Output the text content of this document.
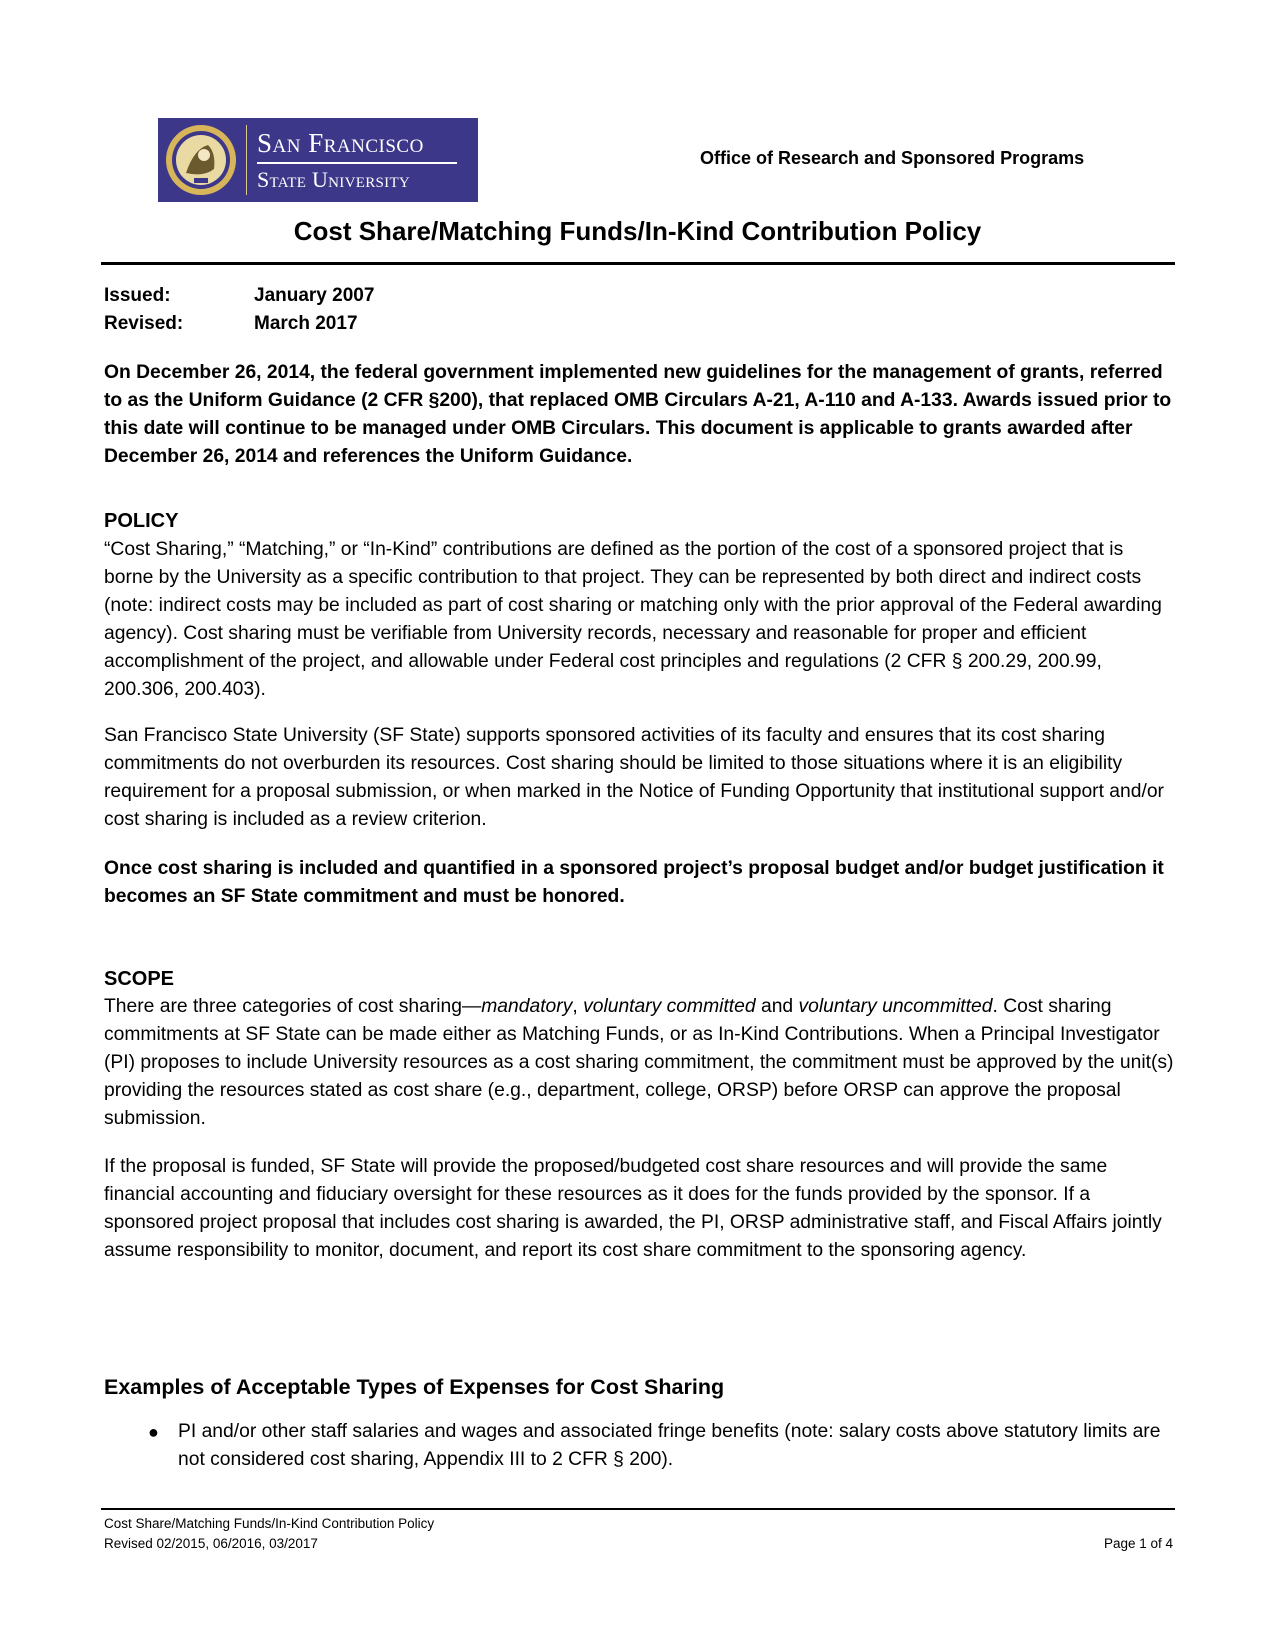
San Francisco
State University
Office of Research and Sponsored Programs
Cost Share/Matching Funds/In-Kind Contribution Policy
Issued:	January 2007
Revised:	March 2017
On December 26, 2014, the federal government implemented new guidelines for the management of grants, referred to as the Uniform Guidance (2 CFR §200), that replaced OMB Circulars A-21, A-110 and A-133. Awards issued prior to this date will continue to be managed under OMB Circulars. This document is applicable to grants awarded after December 26, 2014 and references the Uniform Guidance.
POLICY
“Cost Sharing,” “Matching,” or “In-Kind” contributions are defined as the portion of the cost of a sponsored project that is borne by the University as a specific contribution to that project. They can be represented by both direct and indirect costs (note: indirect costs may be included as part of cost sharing or matching only with the prior approval of the Federal awarding agency). Cost sharing must be verifiable from University records, necessary and reasonable for proper and efficient accomplishment of the project, and allowable under Federal cost principles and regulations (2 CFR § 200.29, 200.99, 200.306, 200.403).
San Francisco State University (SF State) supports sponsored activities of its faculty and ensures that its cost sharing commitments do not overburden its resources. Cost sharing should be limited to those situations where it is an eligibility requirement for a proposal submission, or when marked in the Notice of Funding Opportunity that institutional support and/or cost sharing is included as a review criterion.
Once cost sharing is included and quantified in a sponsored project’s proposal budget and/or budget justification it becomes an SF State commitment and must be honored.
SCOPE
There are three categories of cost sharing—mandatory, voluntary committed and voluntary uncommitted. Cost sharing commitments at SF State can be made either as Matching Funds, or as In-Kind Contributions. When a Principal Investigator (PI) proposes to include University resources as a cost sharing commitment, the commitment must be approved by the unit(s) providing the resources stated as cost share (e.g., department, college, ORSP) before ORSP can approve the proposal submission.
If the proposal is funded, SF State will provide the proposed/budgeted cost share resources and will provide the same financial accounting and fiduciary oversight for these resources as it does for the funds provided by the sponsor. If a sponsored project proposal that includes cost sharing is awarded, the PI, ORSP administrative staff, and Fiscal Affairs jointly assume responsibility to monitor, document, and report its cost share commitment to the sponsoring agency.
Examples of Acceptable Types of Expenses for Cost Sharing
● PI and/or other staff salaries and wages and associated fringe benefits (note: salary costs above statutory limits are not considered cost sharing, Appendix III to 2 CFR § 200).
Cost Share/Matching Funds/In-Kind Contribution Policy
Revised 02/2015, 06/2016, 03/2017	Page 1 of 4
